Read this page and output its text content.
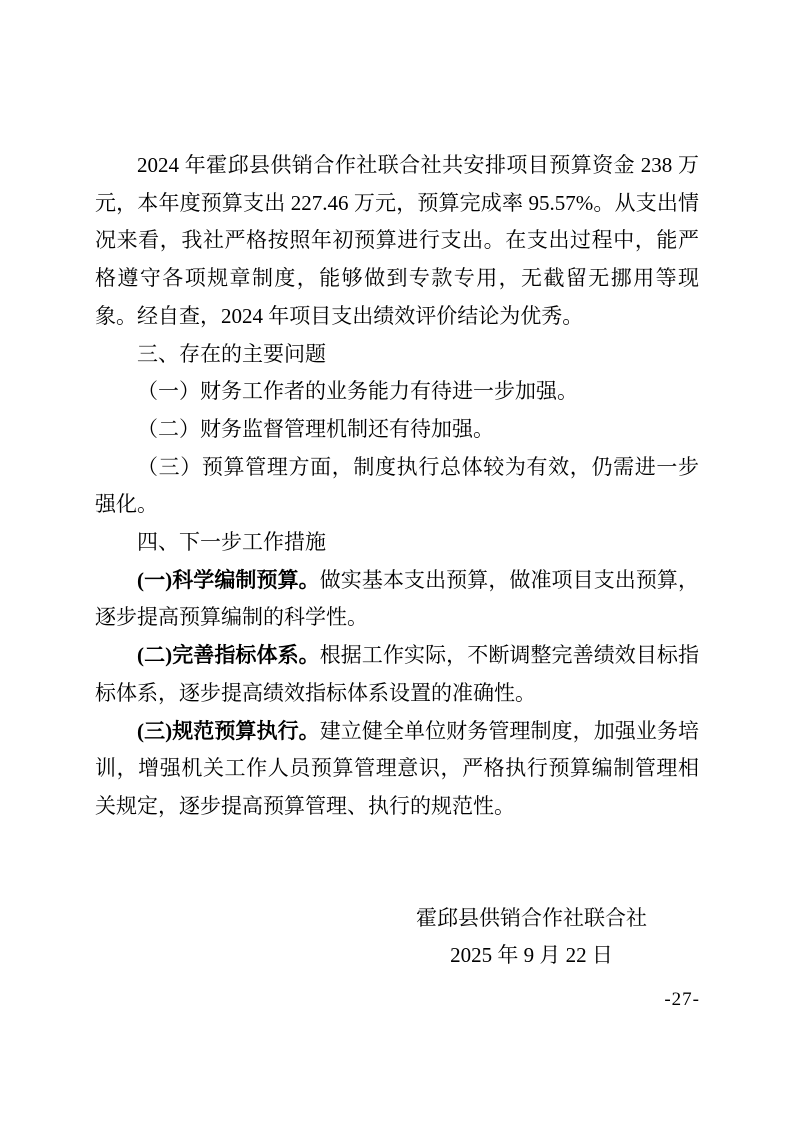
2024 年霍邱县供销合作社联合社共安排项目预算资金 238 万元，本年度预算支出 227.46 万元，预算完成率 95.57%。从支出情况来看，我社严格按照年初预算进行支出。在支出过程中，能严格遵守各项规章制度，能够做到专款专用，无截留无挪用等现象。经自查，2024 年项目支出绩效评价结论为优秀。

三、存在的主要问题

（一）财务工作者的业务能力有待进一步加强。

（二）财务监督管理机制还有待加强。

（三）预算管理方面，制度执行总体较为有效，仍需进一步强化。

四、下一步工作措施

(一)科学编制预算。做实基本支出预算，做准项目支出预算，逐步提高预算编制的科学性。

(二)完善指标体系。根据工作实际，不断调整完善绩效目标指标体系，逐步提高绩效指标体系设置的准确性。

(三)规范预算执行。建立健全单位财务管理制度，加强业务培训，增强机关工作人员预算管理意识，严格执行预算编制管理相关规定，逐步提高预算管理、执行的规范性。

霍邱县供销合作社联合社

2025 年 9 月 22 日

-27-
